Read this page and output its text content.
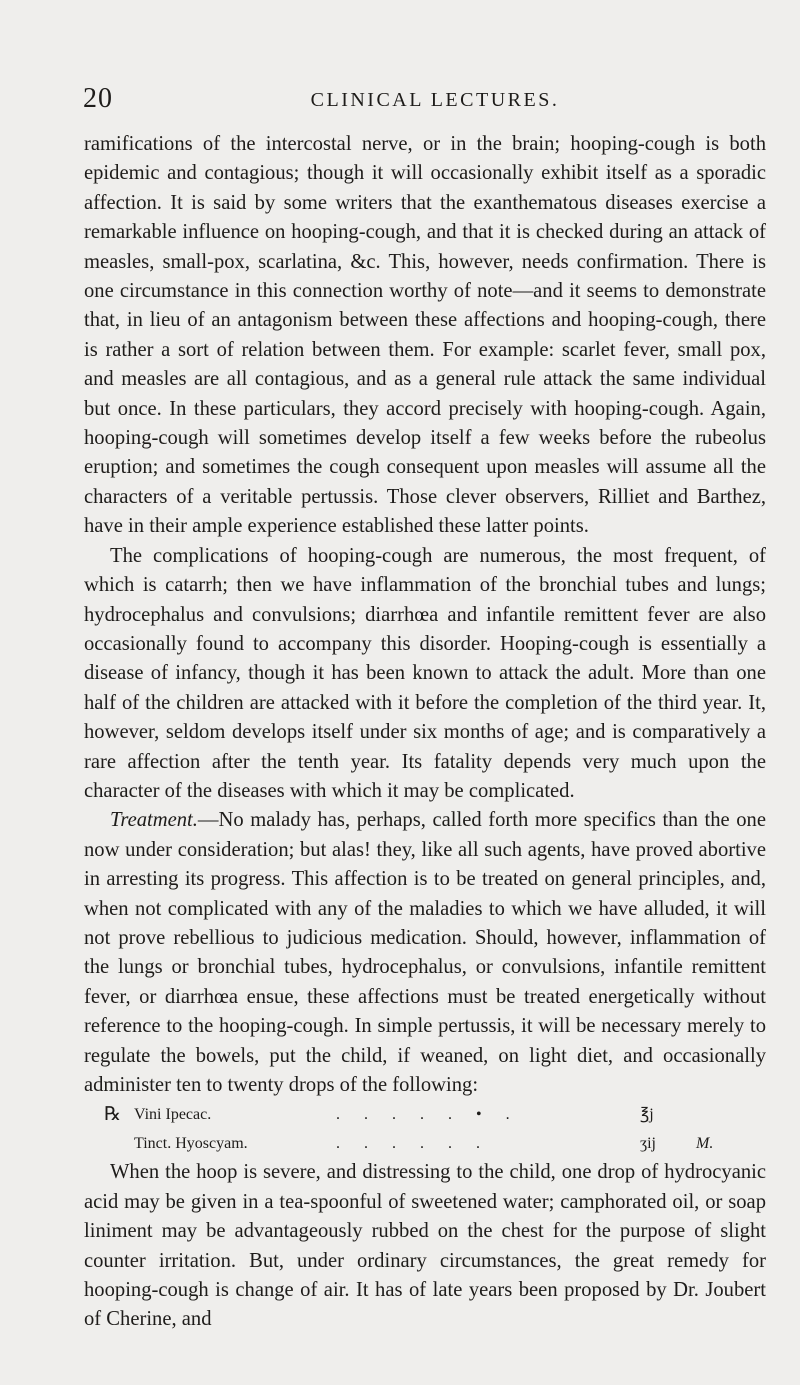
20	CLINICAL LECTURES.

ramifications of the intercostal nerve, or in the brain; hooping-cough is both epidemic and contagious; though it will occasionally exhibit itself as a sporadic affection. It is said by some writers that the exanthematous diseases exercise a remarkable influence on hooping-cough, and that it is checked during an attack of measles, small-pox, scarlatina, &c. This, however, needs confirmation. There is one circumstance in this connection worthy of note—and it seems to demonstrate that, in lieu of an antagonism between these affections and hooping-cough, there is rather a sort of relation between them. For example: scarlet fever, small pox, and measles are all contagious, and as a general rule attack the same individual but once. In these particulars, they accord precisely with hooping-cough. Again, hooping-cough will sometimes develop itself a few weeks before the rubeolus eruption; and sometimes the cough consequent upon measles will assume all the characters of a veritable pertussis. Those clever observers, Rilliet and Barthez, have in their ample experience established these latter points.

The complications of hooping-cough are numerous, the most frequent, of which is catarrh; then we have inflammation of the bronchial tubes and lungs; hydrocephalus and convulsions; diarrhœa and infantile remittent fever are also occasionally found to accompany this disorder. Hooping-cough is essentially a disease of infancy, though it has been known to attack the adult. More than one half of the children are attacked with it before the completion of the third year. It, however, seldom develops itself under six months of age; and is comparatively a rare affection after the tenth year. Its fatality depends very much upon the character of the diseases with which it may be complicated.

Treatment.—No malady has, perhaps, called forth more specifics than the one now under consideration; but alas! they, like all such agents, have proved abortive in arresting its progress. This affection is to be treated on general principles, and, when not complicated with any of the maladies to which we have alluded, it will not prove rebellious to judicious medication. Should, however, inflammation of the lungs or bronchial tubes, hydrocephalus, or convulsions, infantile remittent fever, or diarrhœa ensue, these affections must be treated energetically without reference to the hooping-cough. In simple pertussis, it will be necessary merely to regulate the bowels, put the child, if weaned, on light diet, and occasionally administer ten to twenty drops of the following:

℞ Vini Ipecac.	. . . . . • .	℥j
Tinct. Hyoscyam.	. . . . . .	ʒij	M.

When the hoop is severe, and distressing to the child, one drop of hydrocyanic acid may be given in a tea-spoonful of sweetened water; camphorated oil, or soap liniment may be advantageously rubbed on the chest for the purpose of slight counter irritation. But, under ordinary circumstances, the great remedy for hooping-cough is change of air. It has of late years been proposed by Dr. Joubert of Cherine, and
